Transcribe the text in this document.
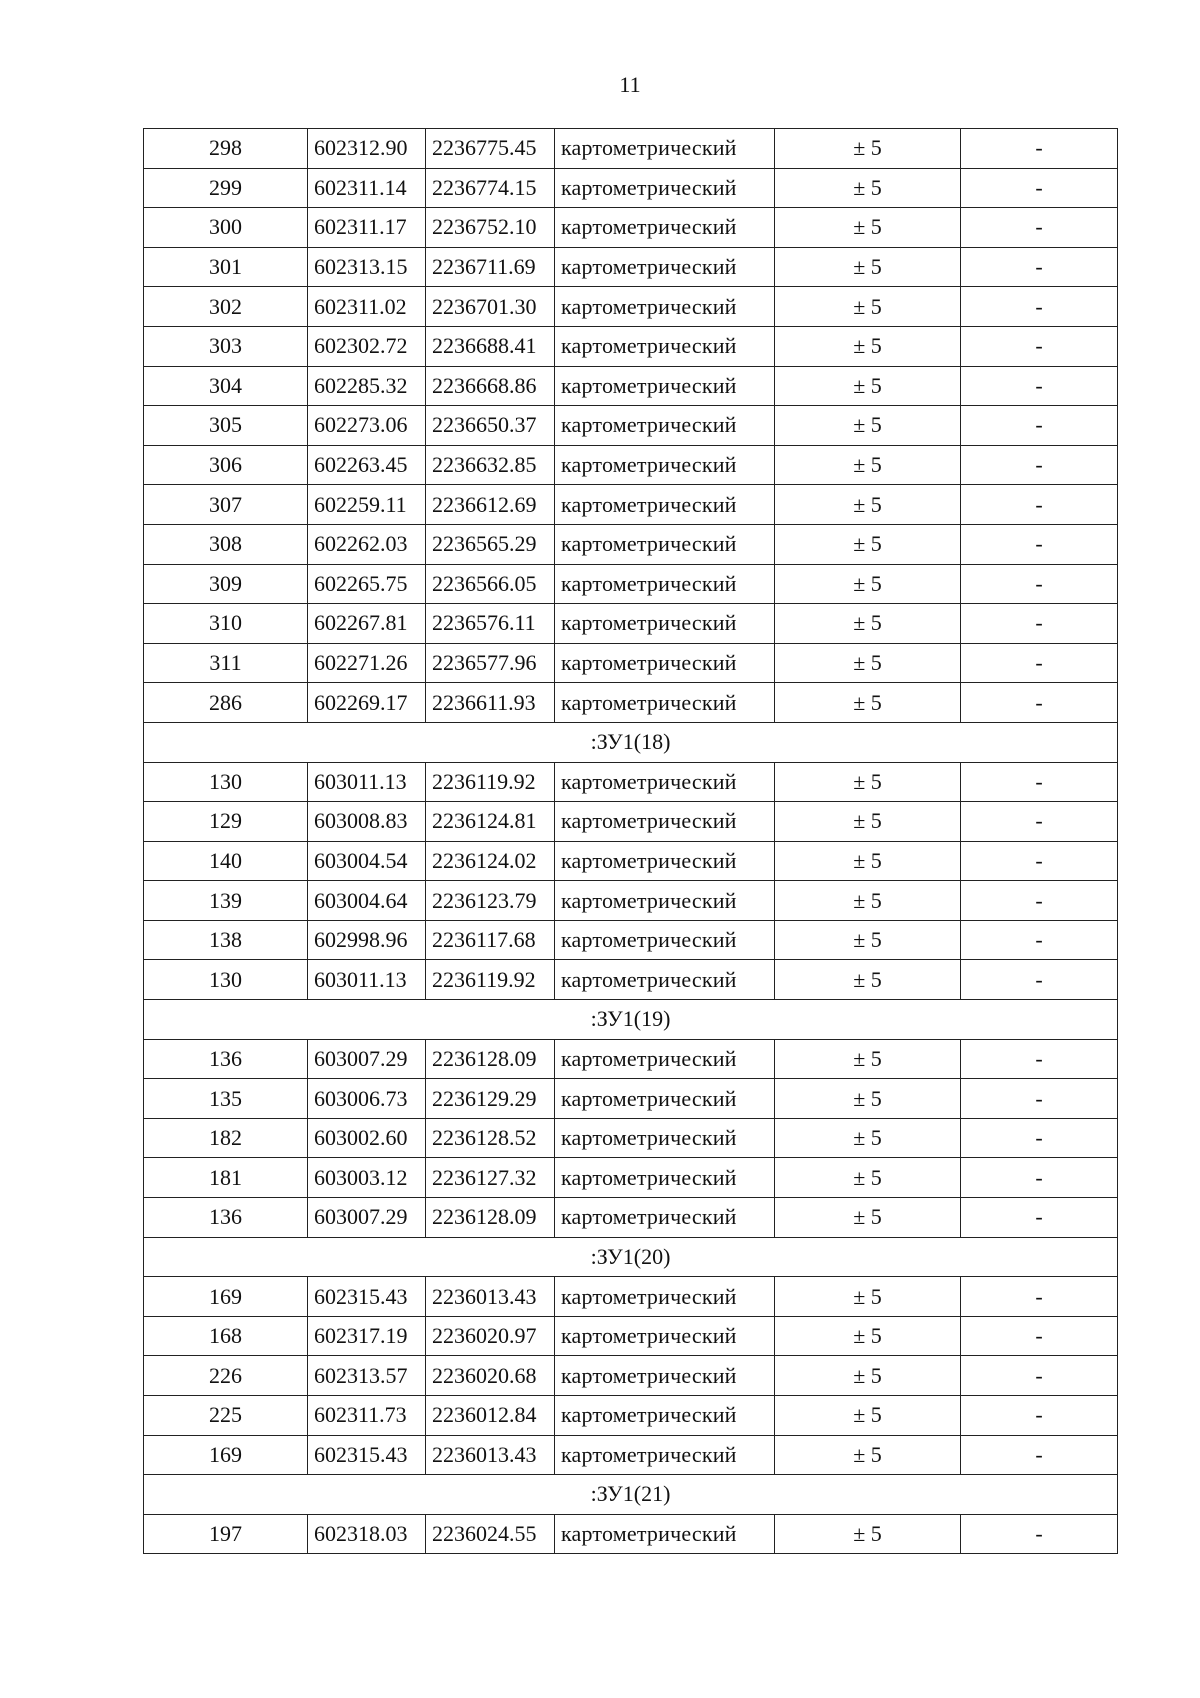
11
298	602312.90	2236775.45	картометрический	± 5	-
299	602311.14	2236774.15	картометрический	± 5	-
300	602311.17	2236752.10	картометрический	± 5	-
301	602313.15	2236711.69	картометрический	± 5	-
302	602311.02	2236701.30	картометрический	± 5	-
303	602302.72	2236688.41	картометрический	± 5	-
304	602285.32	2236668.86	картометрический	± 5	-
305	602273.06	2236650.37	картометрический	± 5	-
306	602263.45	2236632.85	картометрический	± 5	-
307	602259.11	2236612.69	картометрический	± 5	-
308	602262.03	2236565.29	картометрический	± 5	-
309	602265.75	2236566.05	картометрический	± 5	-
310	602267.81	2236576.11	картометрический	± 5	-
311	602271.26	2236577.96	картометрический	± 5	-
286	602269.17	2236611.93	картометрический	± 5	-
:ЗУ1(18)					
130	603011.13	2236119.92	картометрический	± 5	-
129	603008.83	2236124.81	картометрический	± 5	-
140	603004.54	2236124.02	картометрический	± 5	-
139	603004.64	2236123.79	картометрический	± 5	-
138	602998.96	2236117.68	картометрический	± 5	-
130	603011.13	2236119.92	картометрический	± 5	-
:ЗУ1(19)					
136	603007.29	2236128.09	картометрический	± 5	-
135	603006.73	2236129.29	картометрический	± 5	-
182	603002.60	2236128.52	картометрический	± 5	-
181	603003.12	2236127.32	картометрический	± 5	-
136	603007.29	2236128.09	картометрический	± 5	-
:ЗУ1(20)					
169	602315.43	2236013.43	картометрический	± 5	-
168	602317.19	2236020.97	картометрический	± 5	-
226	602313.57	2236020.68	картометрический	± 5	-
225	602311.73	2236012.84	картометрический	± 5	-
169	602315.43	2236013.43	картометрический	± 5	-
:ЗУ1(21)					
197	602318.03	2236024.55	картометрический	± 5	-
